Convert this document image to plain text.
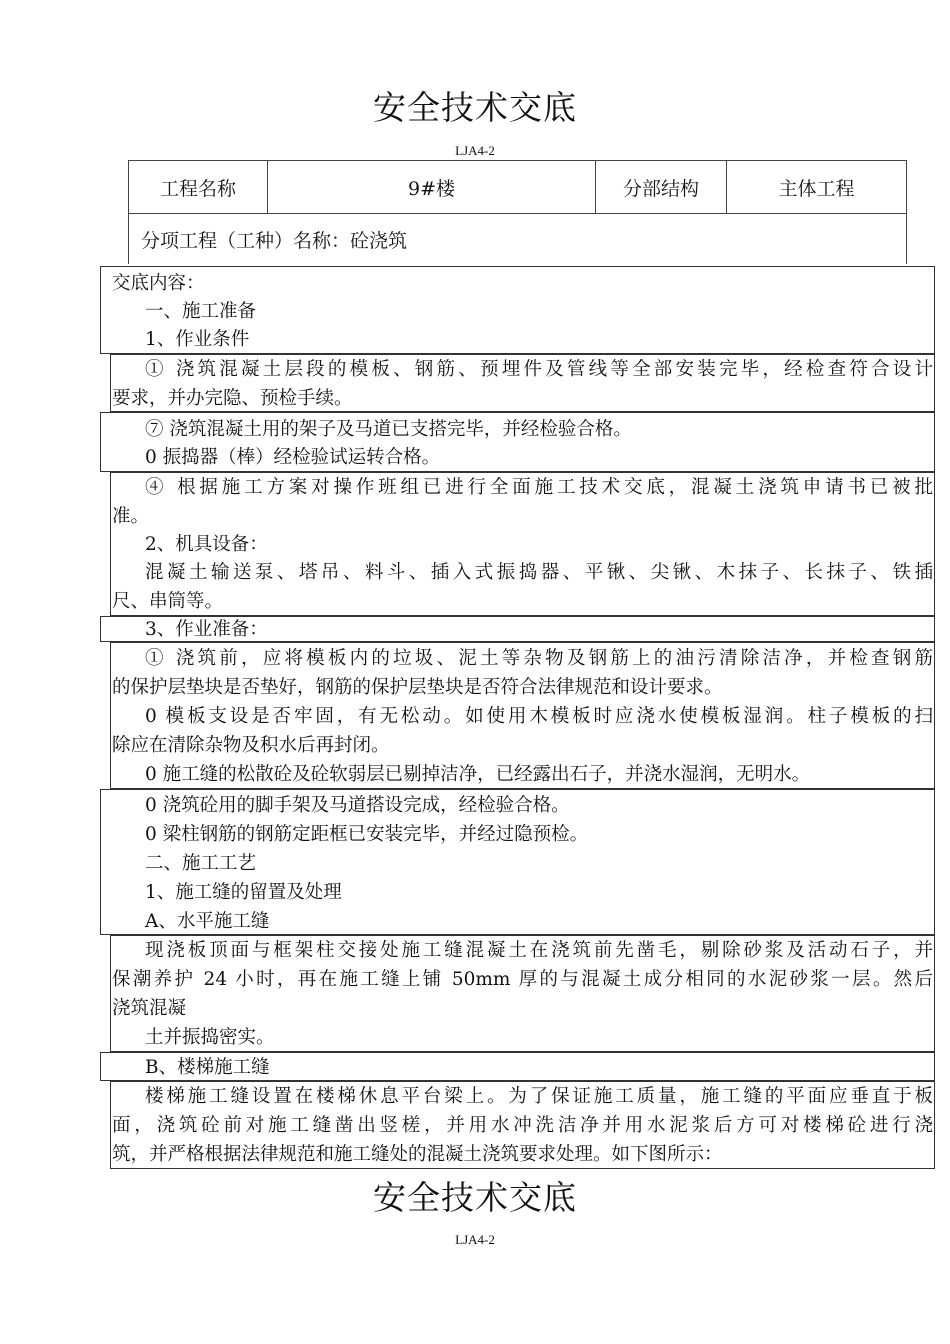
安全技术交底
LJA4-2
工程名称	9#楼	分部结构	主体工程
分项工程（工种）名称：砼浇筑
交底内容：
一、施工准备
1、作业条件
① 浇筑混凝土层段的模板、钢筋、预埋件及管线等全部安装完毕，经检查符合设计
要求，并办完隐、预检手续。
⑦ 浇筑混凝土用的架子及马道已支搭完毕，并经检验合格。
0 振捣器（棒）经检验试运转合格。
④ 根据施工方案对操作班组已进行全面施工技术交底，混凝土浇筑申请书已被批
准。
2、机具设备：
混凝土输送泵、塔吊、料斗、插入式振捣器、平锹、尖锹、木抹子、长抹子、铁插
尺、串筒等。
3、作业准备：
① 浇筑前，应将模板内的垃圾、泥土等杂物及钢筋上的油污清除洁净，并检查钢筋
的保护层垫块是否垫好，钢筋的保护层垫块是否符合法律规范和设计要求。
0 模板支设是否牢固，有无松动。如使用木模板时应浇水使模板湿润。柱子模板的扫
除应在清除杂物及积水后再封闭。
0 施工缝的松散砼及砼软弱层已剔掉洁净，已经露出石子，并浇水湿润，无明水。
0 浇筑砼用的脚手架及马道搭设完成，经检验合格。
0 梁柱钢筋的钢筋定距框已安装完毕，并经过隐预检。
二、施工工艺
1、施工缝的留置及处理
A、水平施工缝
现浇板顶面与框架柱交接处施工缝混凝土在浇筑前先凿毛，剔除砂浆及活动石子，并
保潮养护 24 小时，再在施工缝上铺 50mm 厚的与混凝土成分相同的水泥砂浆一层。然后
浇筑混凝
土并振捣密实。
B、楼梯施工缝
楼梯施工缝设置在楼梯休息平台梁上。为了保证施工质量，施工缝的平面应垂直于板
面，浇筑砼前对施工缝凿出竖槎，并用水冲洗洁净并用水泥浆后方可对楼梯砼进行浇
筑，并严格根据法律规范和施工缝处的混凝土浇筑要求处理。如下图所示：
安全技术交底
LJA4-2
